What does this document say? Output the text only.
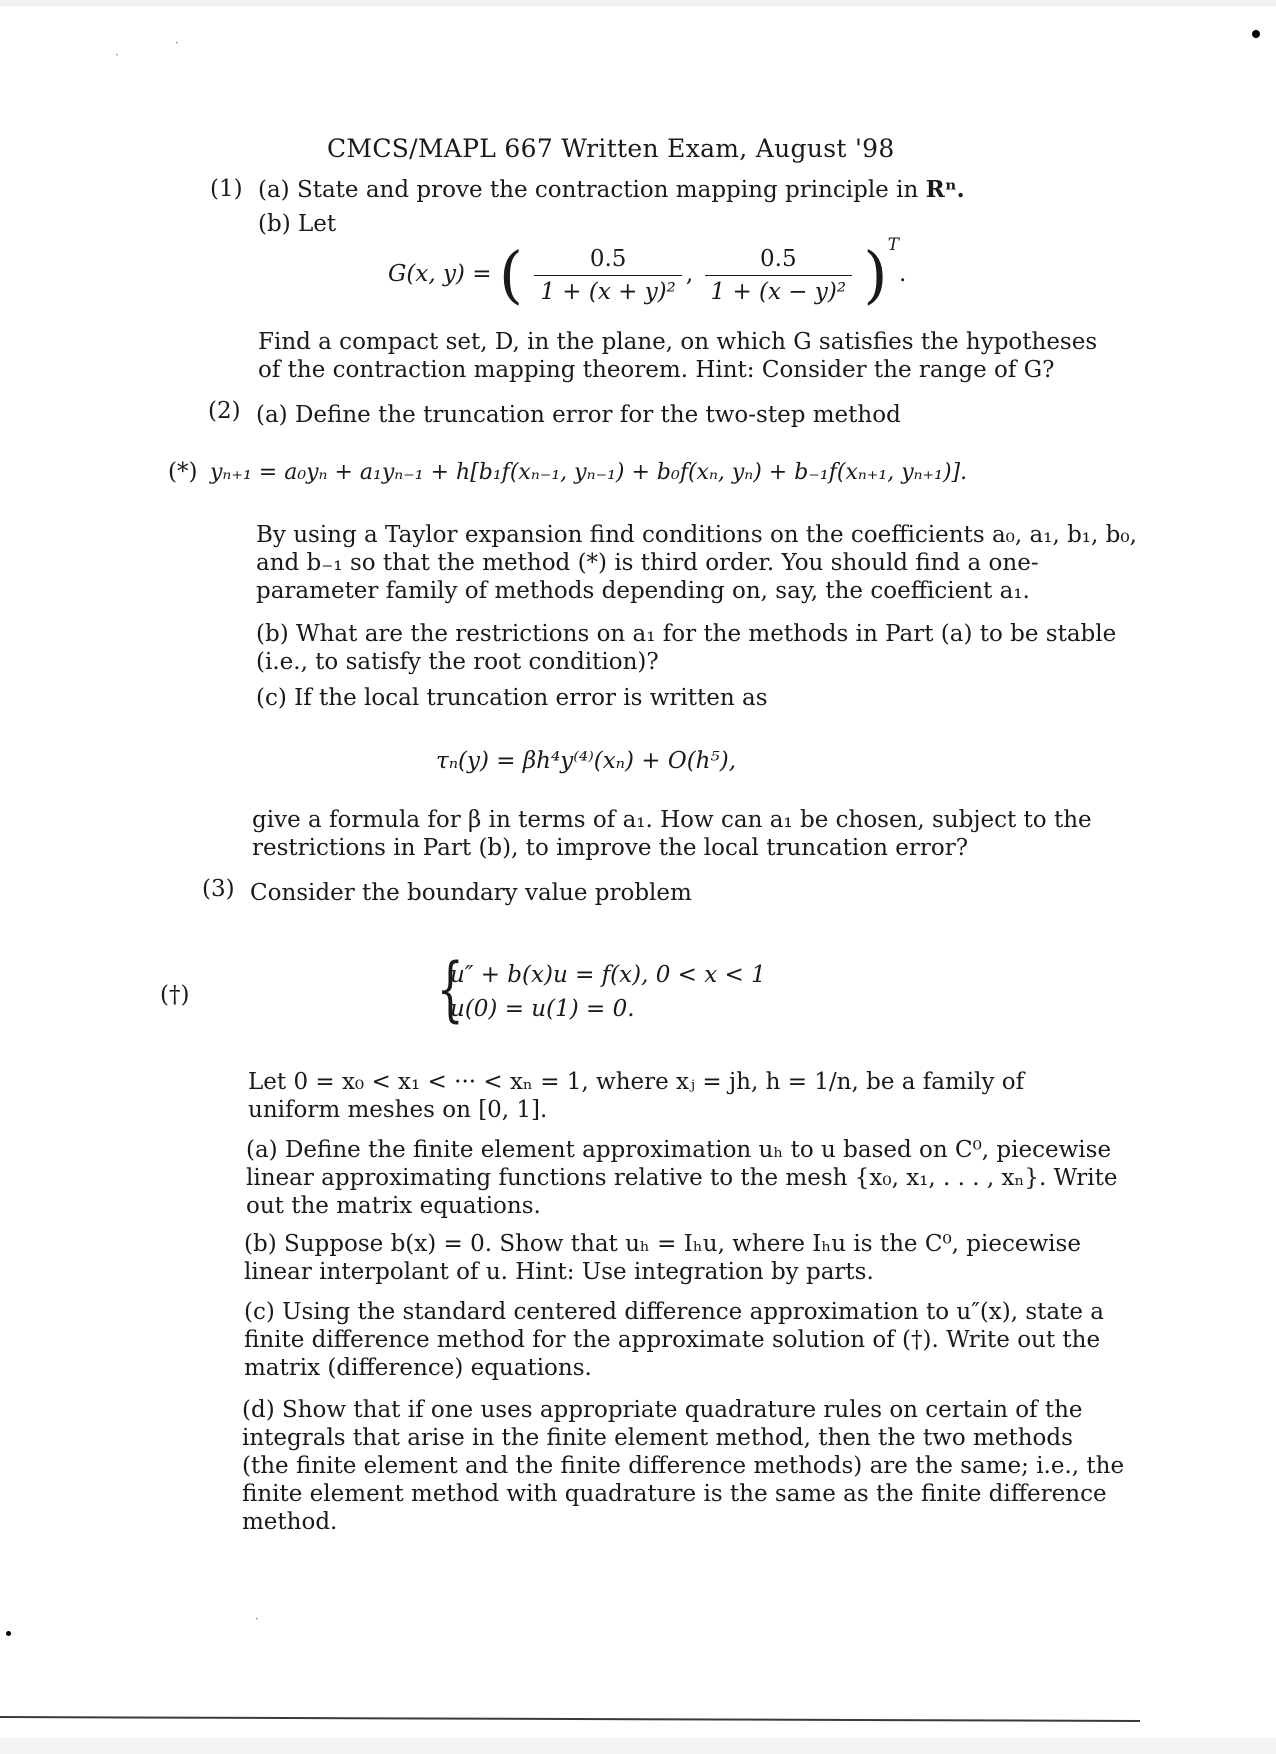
·
·
·
CMCS/MAPL 667 Written Exam, August '98
(1) (a) State and prove the contraction mapping principle in Rⁿ.
(b) Let
G(x, y) = ( $\frac{0.5}{\text{1 + (x + y)²}}$ , $\frac{0.5}{\text{1 + (x − y)²}} )^T$.
Find a compact set, D, in the plane, on which G satisfies the hypotheses
of the contraction mapping theorem. Hint: Consider the range of G?
(2) (a) Define the truncation error for the two-step method
(*) yₙ₊₁ = a₀yₙ + a₁yₙ₋₁ + h[b₁f(xₙ₋₁, yₙ₋₁) + b₀f(xₙ, yₙ) + b₋₁f(xₙ₊₁, yₙ₊₁)].
By using a Taylor expansion find conditions on the coefficients a₀, a₁, b₁, b₀,
and b₋₁ so that the method (*) is third order. You should find a one-
parameter family of methods depending on, say, the coefficient a₁.
(b) What are the restrictions on a₁ for the methods in Part (a) to be stable
(i.e., to satisfy the root condition)?
(c) If the local truncation error is written as
τₙ(y) = βh⁴y⁽⁴⁾(xₙ) + O(h⁵),
give a formula for β in terms of a₁. How can a₁ be chosen, subject to the
restrictions in Part (b), to improve the local truncation error?
(3) Consider the boundary value problem
(†)	{
u″ + b(x)u = f(x), 0 < x < 1
u(0) = u(1) = 0.
Let 0 = x₀ < x₁ < ··· < xₙ = 1, where xⱼ = jh, h = 1/n, be a family of
uniform meshes on [0, 1].
(a) Define the finite element approximation uₕ to u based on C⁰, piecewise
linear approximating functions relative to the mesh {x₀, x₁, . . . , xₙ}. Write
out the matrix equations.
(b) Suppose b(x) = 0. Show that uₕ = Iₕu, where Iₕu is the C⁰, piecewise
linear interpolant of u. Hint: Use integration by parts.
(c) Using the standard centered difference approximation to u″(x), state a
finite difference method for the approximate solution of (†). Write out the
matrix (difference) equations.
(d) Show that if one uses appropriate quadrature rules on certain of the
integrals that arise in the finite element method, then the two methods
(the finite element and the finite difference methods) are the same; i.e., the
finite element method with quadrature is the same as the finite difference
method.
